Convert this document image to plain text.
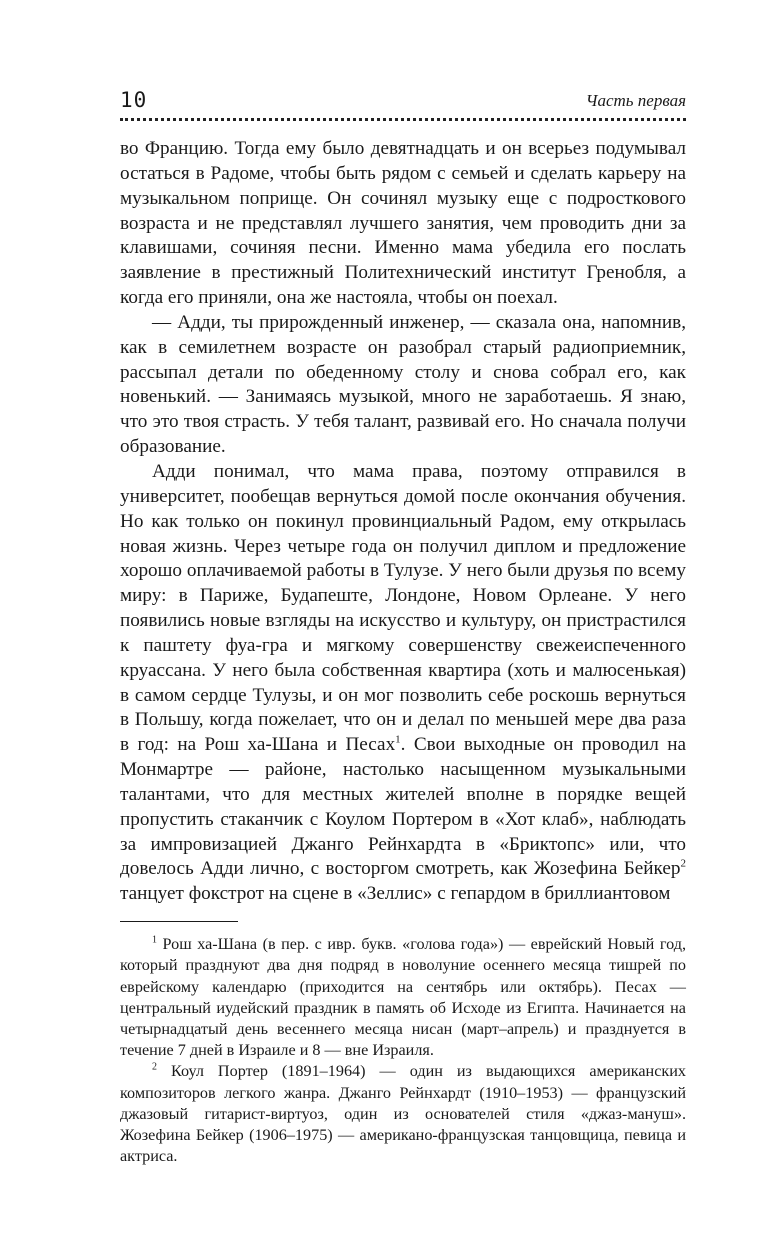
10	Часть первая

во Францию. Тогда ему было девятнадцать и он всерьез подумывал остаться в Радоме, чтобы быть рядом с семьей и сделать карьеру на музыкальном поприще. Он сочинял музыку еще с подросткового возраста и не представлял лучшего занятия, чем проводить дни за клавишами, сочиняя песни. Именно мама убедила его послать заявление в престижный Политехнический институт Гренобля, а когда его приняли, она же настояла, чтобы он поехал.

— Адди, ты прирожденный инженер, — сказала она, напомнив, как в семилетнем возрасте он разобрал старый радиоприемник, рассыпал детали по обеденному столу и снова собрал его, как новенький. — Занимаясь музыкой, много не заработаешь. Я знаю, что это твоя страсть. У тебя талант, развивай его. Но сначала получи образование.

Адди понимал, что мама права, поэтому отправился в университет, пообещав вернуться домой после окончания обучения. Но как только он покинул провинциальный Радом, ему открылась новая жизнь. Через четыре года он получил диплом и предложение хорошо оплачиваемой работы в Тулузе. У него были друзья по всему миру: в Париже, Будапеште, Лондоне, Новом Орлеане. У него появились новые взгляды на искусство и культуру, он пристрастился к паштету фуа-гра и мягкому совершенству свежеиспеченного круассана. У него была собственная квартира (хоть и малюсенькая) в самом сердце Тулузы, и он мог позволить себе роскошь вернуться в Польшу, когда пожелает, что он и делал по меньшей мере два раза в год: на Рош ха-Шана и Песах$^1$. Свои выходные он проводил на Монмартре — районе, настолько насыщенном музыкальными талантами, что для местных жителей вполне в порядке вещей пропустить стаканчик с Коулом Портером в «Хот клаб», наблюдать за импровизацией Джанго Рейнхардта в «Бриктопс» или, что довелось Адди лично, с восторгом смотреть, как Жозефина Бейкер$^2$ танцует фокстрот на сцене в «Зеллис» с гепардом в бриллиантовом

$^1$ Рош ха-Шана (в пер. с ивр. букв. «голова года») — еврейский Новый год, который празднуют два дня подряд в новолуние осеннего месяца тишрей по еврейскому календарю (приходится на сентябрь или октябрь). Песах — центральный иудейский праздник в память об Исходе из Египта. Начинается на четырнадцатый день весеннего месяца нисан (март–апрель) и празднуется в течение 7 дней в Израиле и 8 — вне Израиля.

$^2$ Коул Портер (1891–1964) — один из выдающихся американских композиторов легкого жанра. Джанго Рейнхардт (1910–1953) — французский джазовый гитарист-виртуоз, один из основателей стиля «джаз-мануш». Жозефина Бейкер (1906–1975) — американо-французская танцовщица, певица и актриса.
